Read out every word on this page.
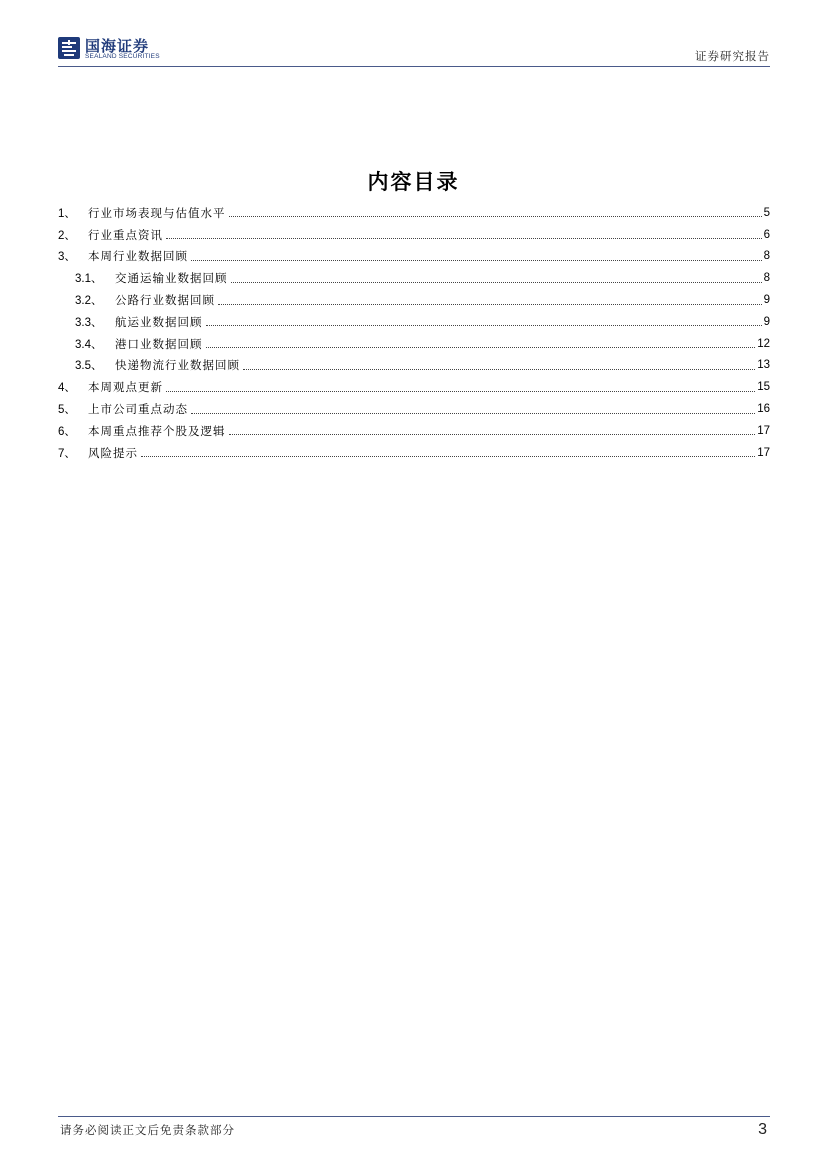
国海证券
SEALAND SECURITIES	证券研究报告
内容目录
1、	行业市场表现与估值水平	5
2、	行业重点资讯	6
3、	本周行业数据回顾	8
3.1、	交通运输业数据回顾	8
3.2、	公路行业数据回顾	9
3.3、	航运业数据回顾	9
3.4、	港口业数据回顾	12
3.5、	快递物流行业数据回顾	13
4、	本周观点更新	15
5、	上市公司重点动态	16
6、	本周重点推荐个股及逻辑	17
7、	风险提示	17
请务必阅读正文后免责条款部分	3
